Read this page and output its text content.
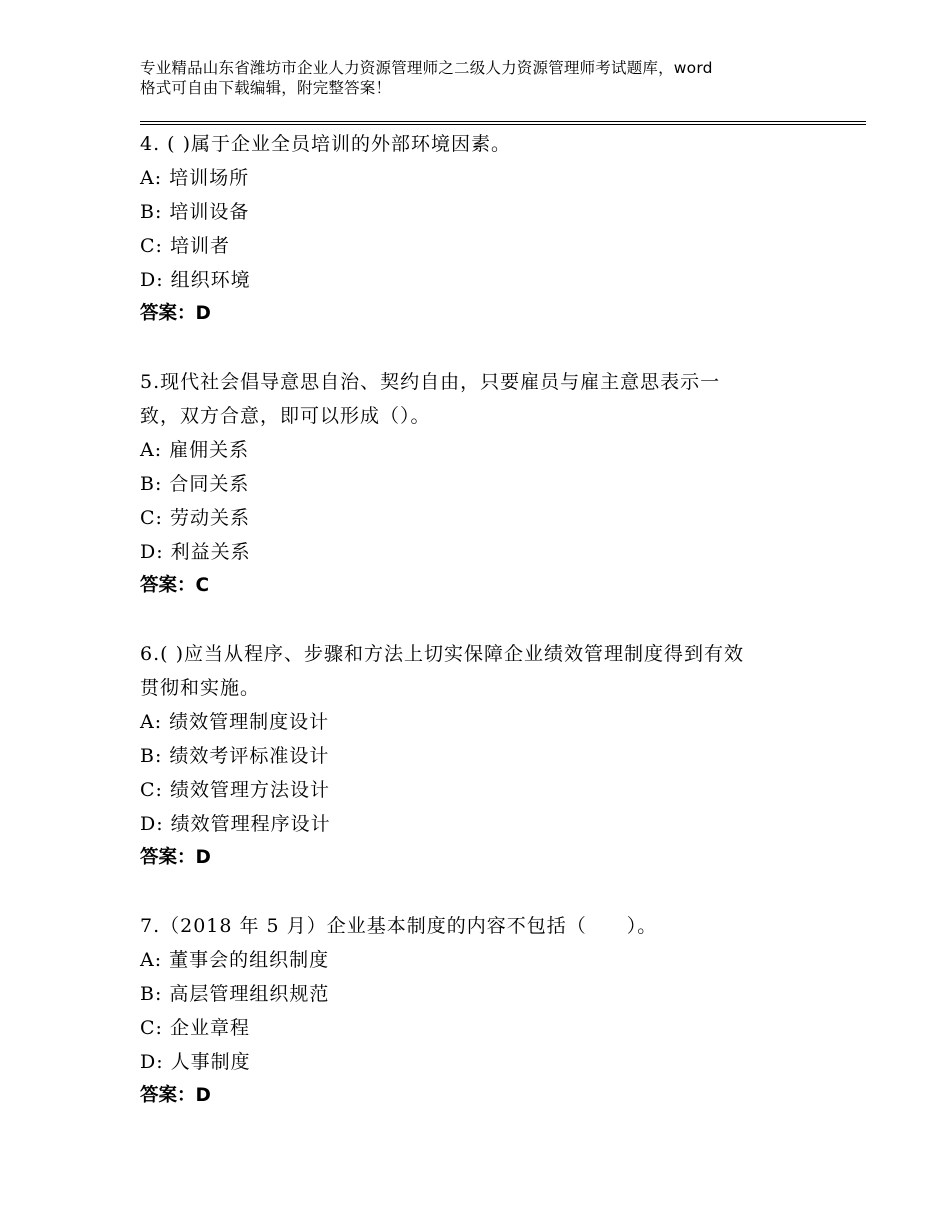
专业精品山东省潍坊市企业人力资源管理师之二级人力资源管理师考试题库，word
格式可自由下载编辑，附完整答案！
4. ( )属于企业全员培训的外部环境因素。
A: 培训场所
B: 培训设备
C: 培训者
D: 组织环境
答案：D
5.现代社会倡导意思自治、契约自由，只要雇员与雇主意思表示一
致，双方合意，即可以形成（）。
A: 雇佣关系
B: 合同关系
C: 劳动关系
D: 利益关系
答案：C
6.( )应当从程序、步骤和方法上切实保障企业绩效管理制度得到有效
贯彻和实施。
A: 绩效管理制度设计
B: 绩效考评标准设计
C: 绩效管理方法设计
D: 绩效管理程序设计
答案：D
7.（2018 年 5 月）企业基本制度的内容不包括（　　）。
A: 董事会的组织制度
B: 高层管理组织规范
C: 企业章程
D: 人事制度
答案：D
